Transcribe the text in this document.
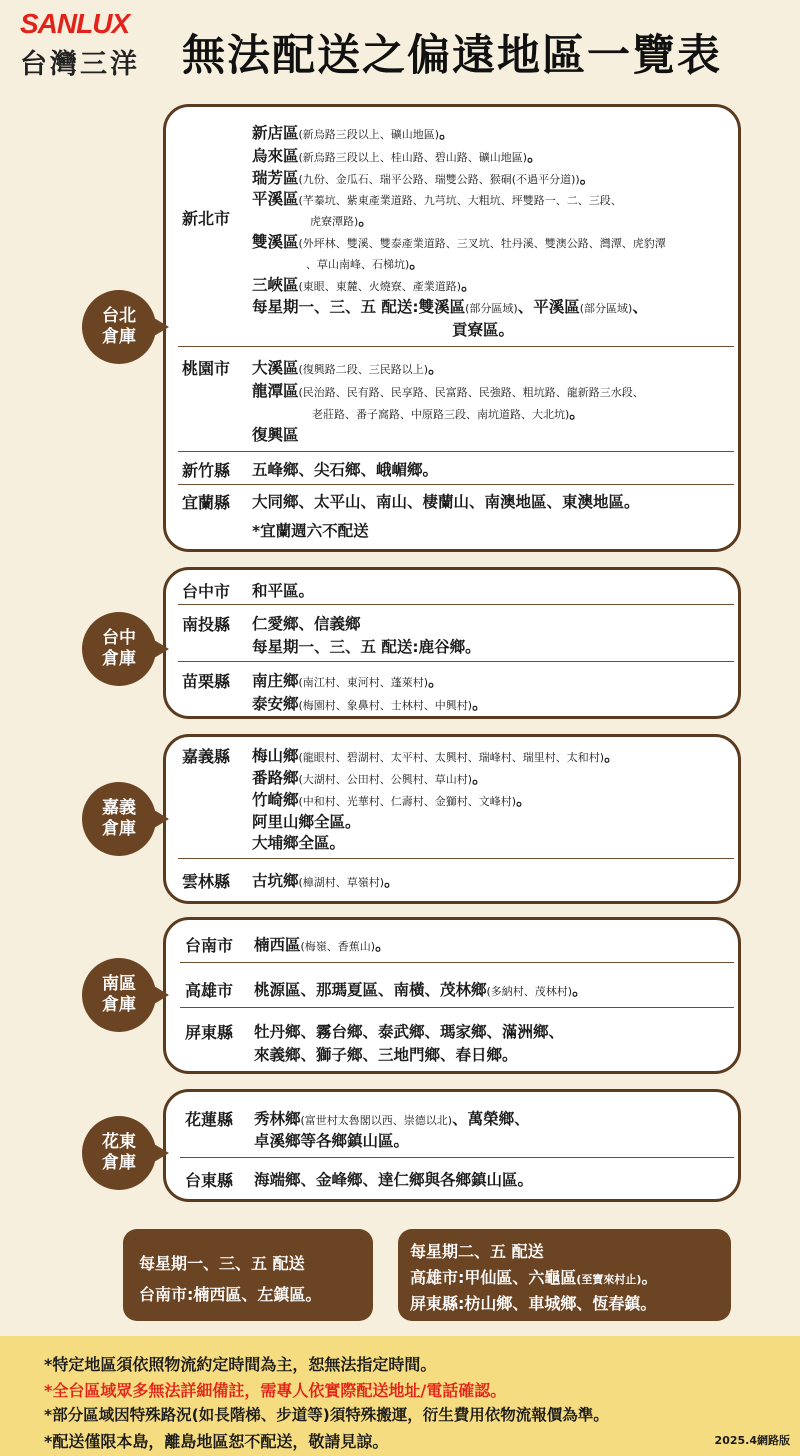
SANLUX
台灣三洋 無法配送之偏遠地區一覽表
台北
倉庫
新北市
新店區(新烏路三段以上、礦山地區)。
烏來區(新烏路三段以上、桂山路、碧山路、礦山地區)。
瑞芳區(九份、金瓜石、瑞平公路、瑞雙公路、猴硐(不過平分道))。
平溪區(芊蓁坑、紫東產業道路、九芎坑、大粗坑、坪雙路一、二、三段、
虎寮潭路)。
雙溪區(外坪林、雙溪、雙泰產業道路、三叉坑、牡丹溪、雙澳公路、灣潭、虎豹潭
、草山南峰、石梯坑)。
三峽區(東眼、東麓、火燒寮、產業道路)。
每星期一、三、五 配送:雙溪區(部分區域)、平溪區(部分區域)、
貢寮區。
桃園市 大溪區(復興路二段、三民路以上)。
龍潭區(民治路、民有路、民享路、民富路、民強路、粗坑路、龍新路三水段、
老莊路、番子窩路、中原路三段、南坑道路、大北坑)。
復興區
新竹縣 五峰鄉、尖石鄉、峨嵋鄉。
宜蘭縣 大同鄉、太平山、南山、棲蘭山、南澳地區、東澳地區。
*宜蘭週六不配送
台中
倉庫
台中市 和平區。
南投縣 仁愛鄉、信義鄉
每星期一、三、五 配送:鹿谷鄉。
苗栗縣 南庄鄉(南江村、東河村、蓬萊村)。
泰安鄉(梅園村、象鼻村、士林村、中興村)。
嘉義
倉庫
嘉義縣 梅山鄉(龍眼村、碧湖村、太平村、太興村、瑞峰村、瑞里村、太和村)。
番路鄉(大湖村、公田村、公興村、草山村)。
竹崎鄉(中和村、光華村、仁壽村、金獅村、文峰村)。
阿里山鄉全區。
大埔鄉全區。
雲林縣 古坑鄉(樟湖村、草嶺村)。
南區
倉庫
台南市 楠西區(梅嶺、香蕉山)。
高雄市 桃源區、那瑪夏區、南橫、茂林鄉(多納村、茂林村)。
屏東縣 牡丹鄉、霧台鄉、泰武鄉、瑪家鄉、滿洲鄉、
來義鄉、獅子鄉、三地門鄉、春日鄉。
花東
倉庫
花蓮縣 秀林鄉(富世村太魯閣以西、崇德以北)、萬榮鄉、
卓溪鄉等各鄉鎮山區。
台東縣 海端鄉、金峰鄉、達仁鄉與各鄉鎮山區。
每星期一、三、五 配送
台南市:楠西區、左鎮區。
每星期二、五 配送
高雄市:甲仙區、六龜區(至寶來村止)。
屏東縣:枋山鄉、車城鄉、恆春鎮。
*特定地區須依照物流約定時間為主，恕無法指定時間。
*全台區域眾多無法詳細備註，需專人依實際配送地址/電話確認。
*部分區域因特殊路況(如長階梯、步道等)須特殊搬運，衍生費用依物流報價為準。
*配送僅限本島，離島地區恕不配送，敬請見諒。	2025.4網路版
